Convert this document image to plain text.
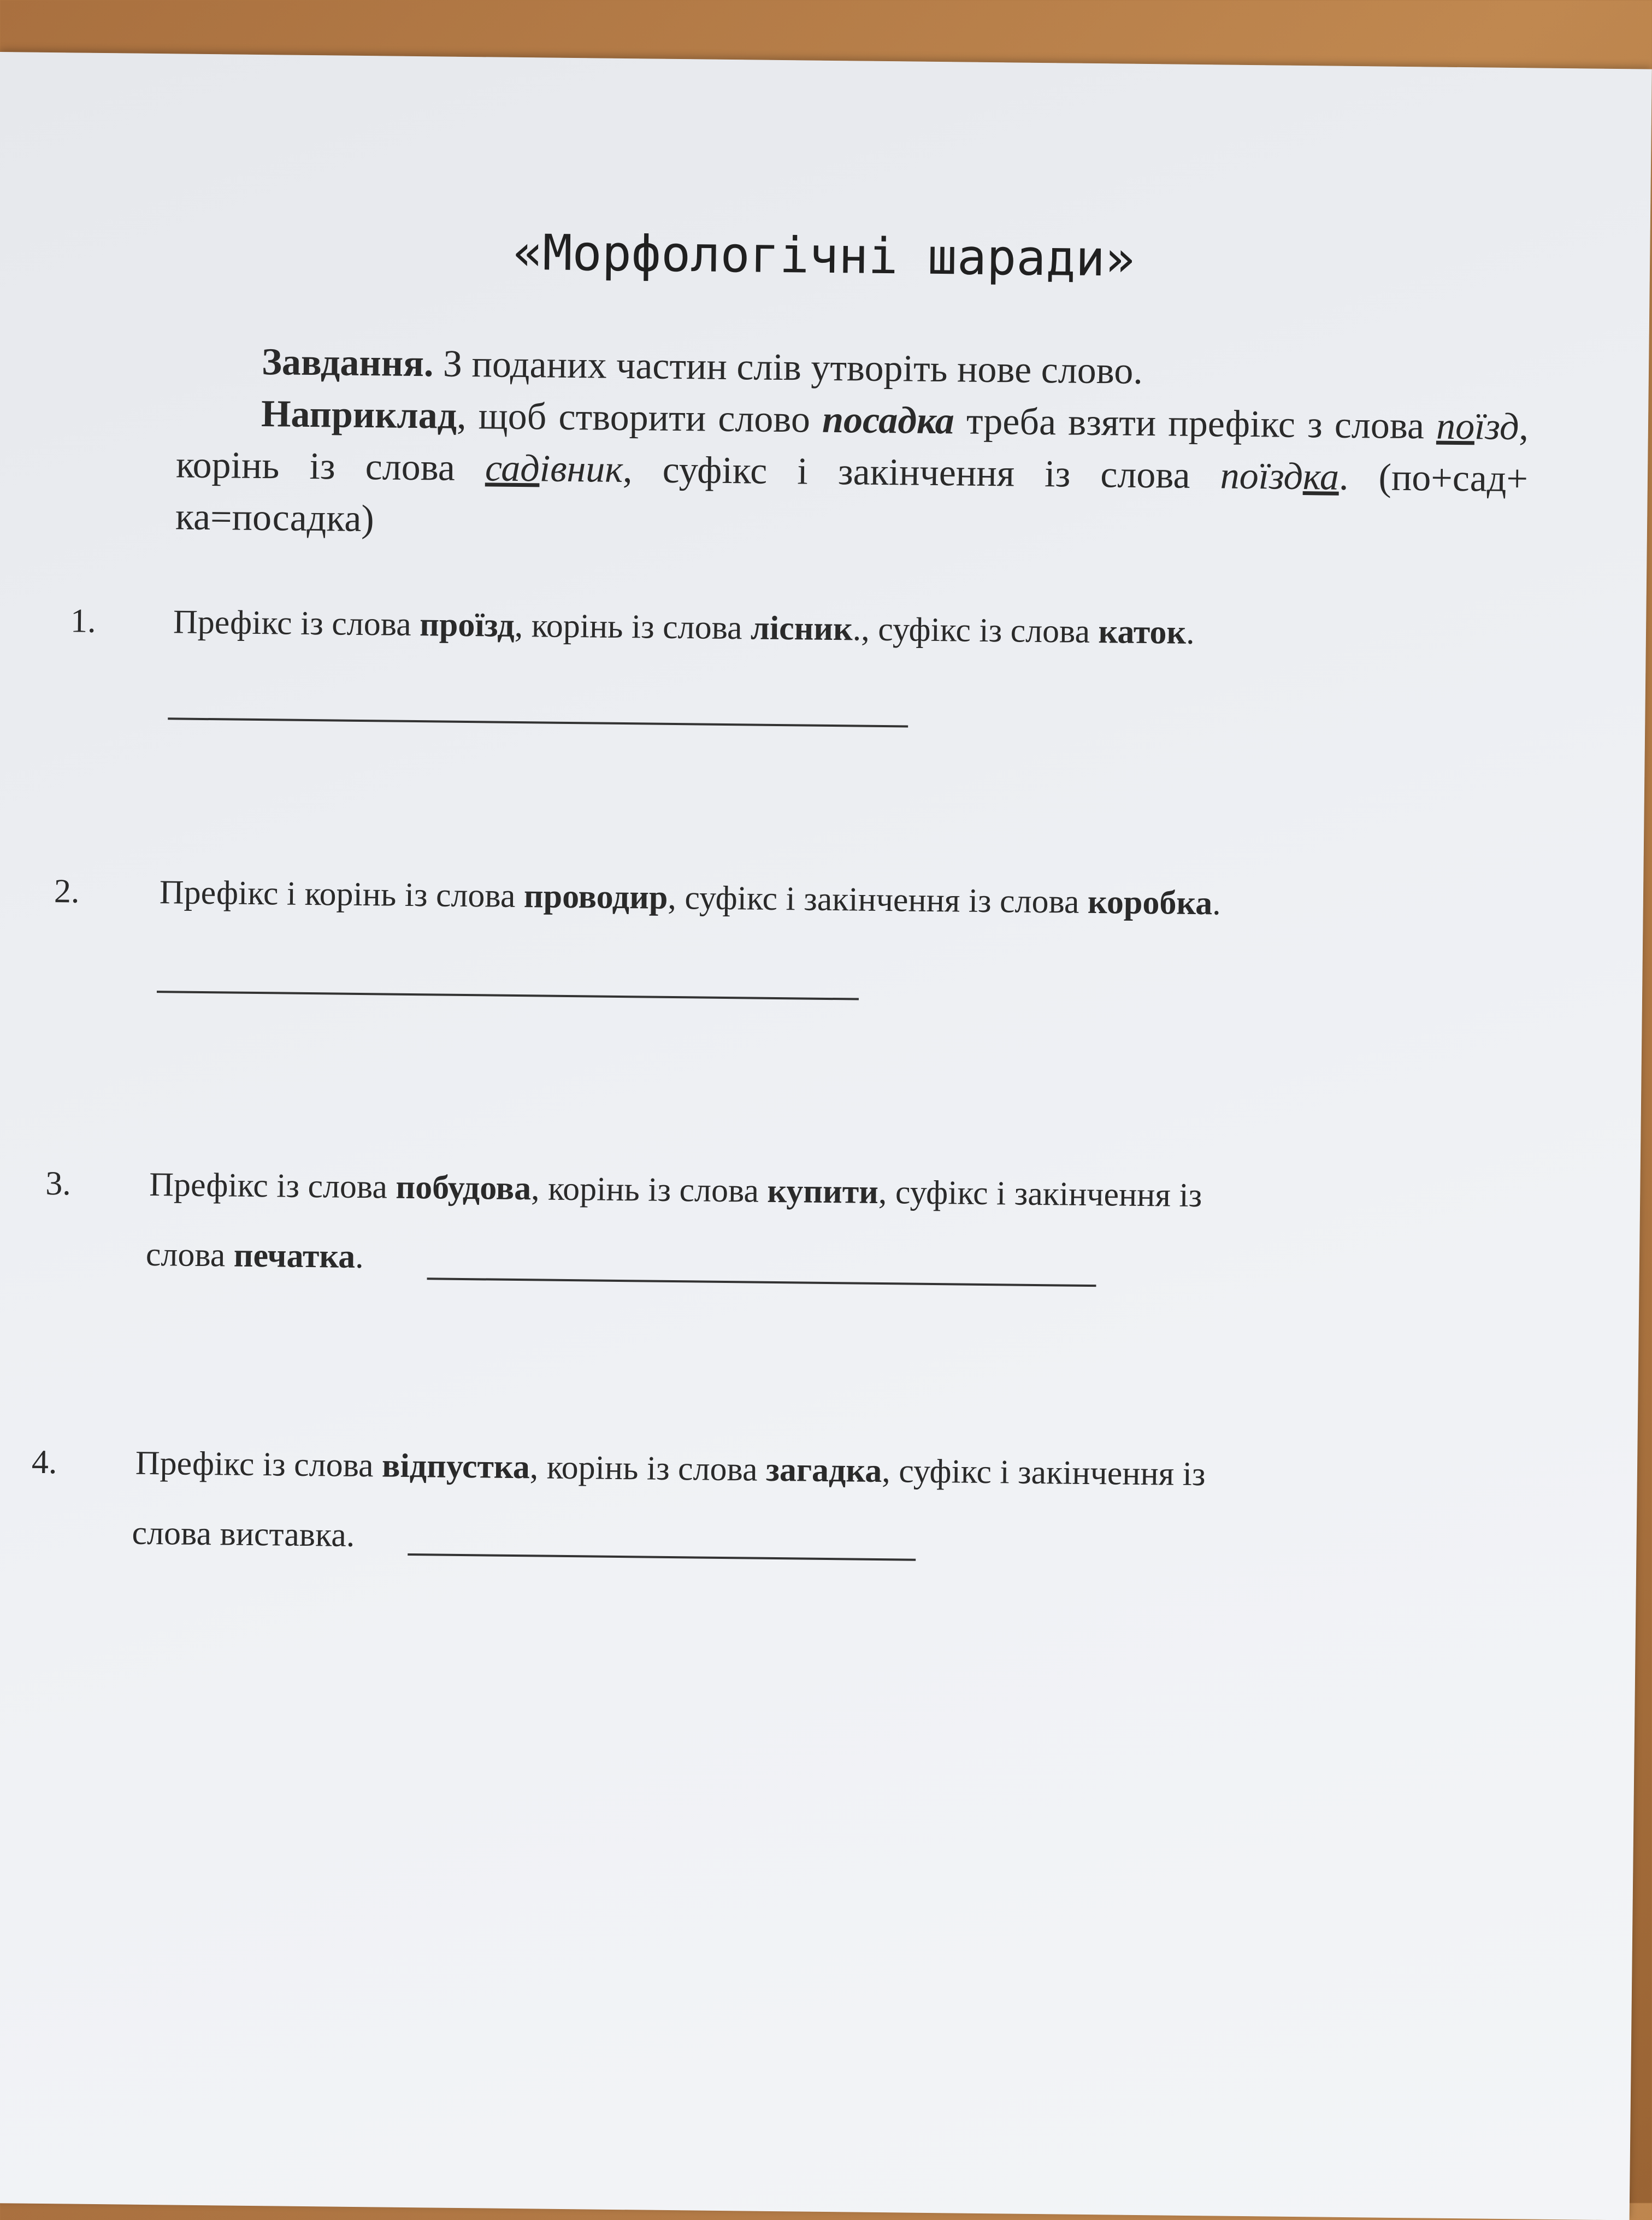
«Морфологічні шаради»

Завдання. З поданих частин слів утворіть нове слово.

Наприклад, щоб створити слово посадка треба взяти префікс з слова поїзд, корінь із слова садівник, суфікс і закінчення із слова поїздка. (по+сад+ ка=посадка)

1. Префікс із слова проїзд, корінь із слова лісник., суфікс із слова каток.
2. Префікс і корінь із слова проводир, суфікс і закінчення із слова коробка.
3. Префікс із слова побудова, корінь із слова купити, суфікс і закінчення із
слова печатка.
4. Префікс із слова відпустка, корінь із слова загадка, суфікс і закінчення із
слова виставка.
